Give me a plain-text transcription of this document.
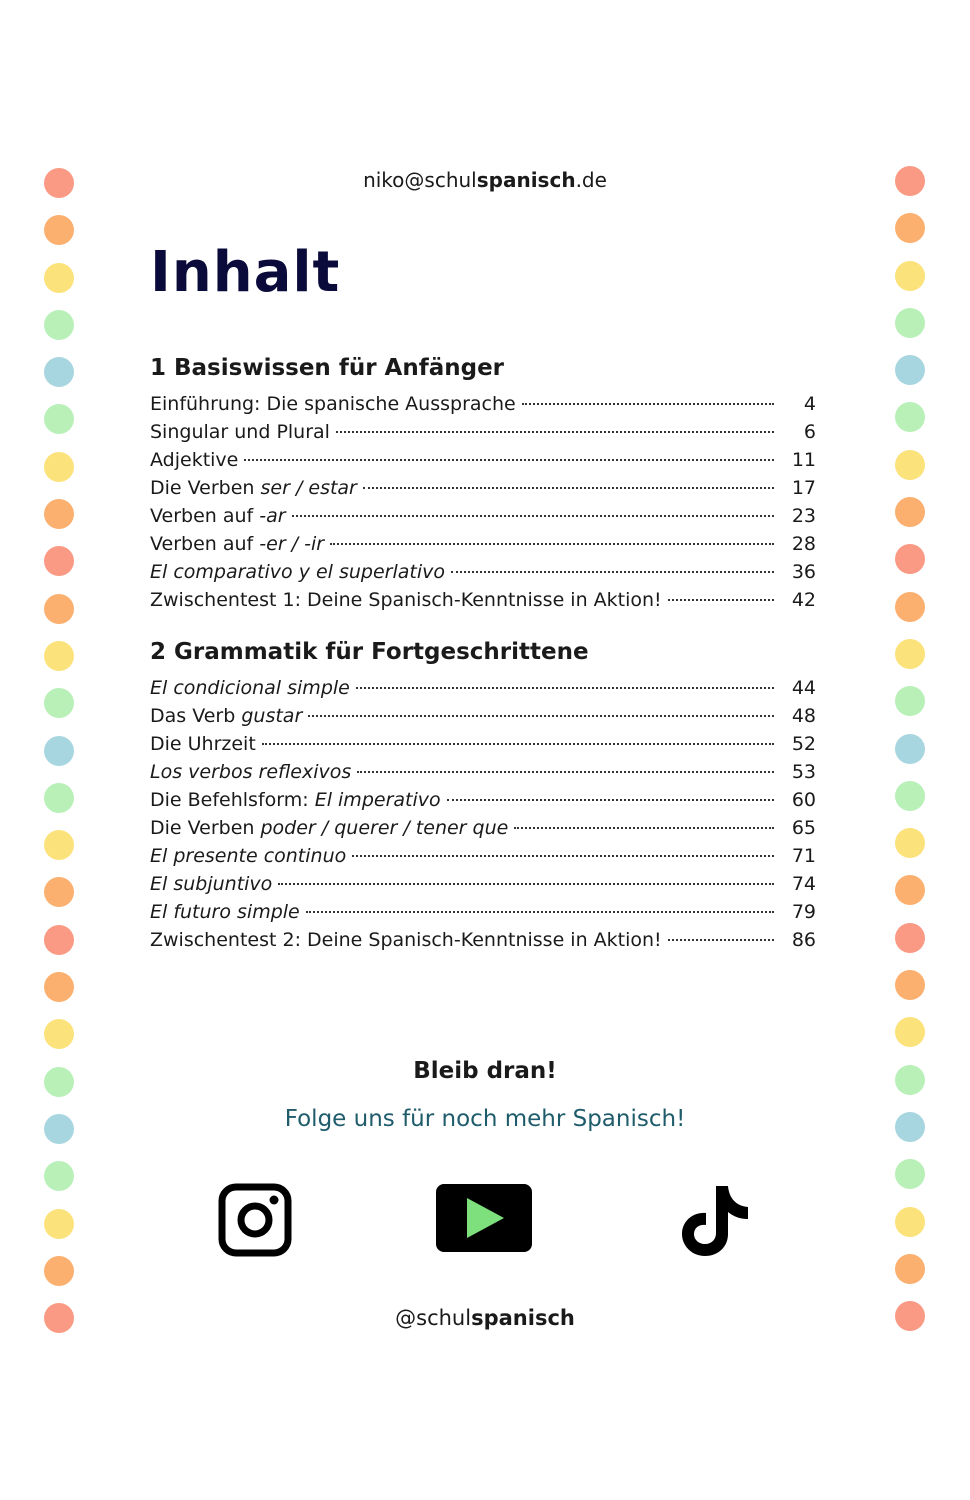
niko@schulspanisch.de
Inhalt
1 Basiswissen für Anfänger
Einführung: Die spanische Aussprache	4
Singular und Plural	6
Adjektive	11
Die Verben ser / estar	17
Verben auf -ar	23
Verben auf -er / -ir	28
El comparativo y el superlativo	36
Zwischentest 1: Deine Spanisch-Kenntnisse in Aktion!	42
2 Grammatik für Fortgeschrittene
El condicional simple	44
Das Verb gustar	48
Die Uhrzeit	52
Los verbos reflexivos	53
Die Befehlsform: El imperativo	60
Die Verben poder / querer / tener que	65
El presente continuo	71
El subjuntivo	74
El futuro simple	79
Zwischentest 2: Deine Spanisch-Kenntnisse in Aktion!	86
Bleib dran!
Folge uns für noch mehr Spanisch!
@schulspanisch
